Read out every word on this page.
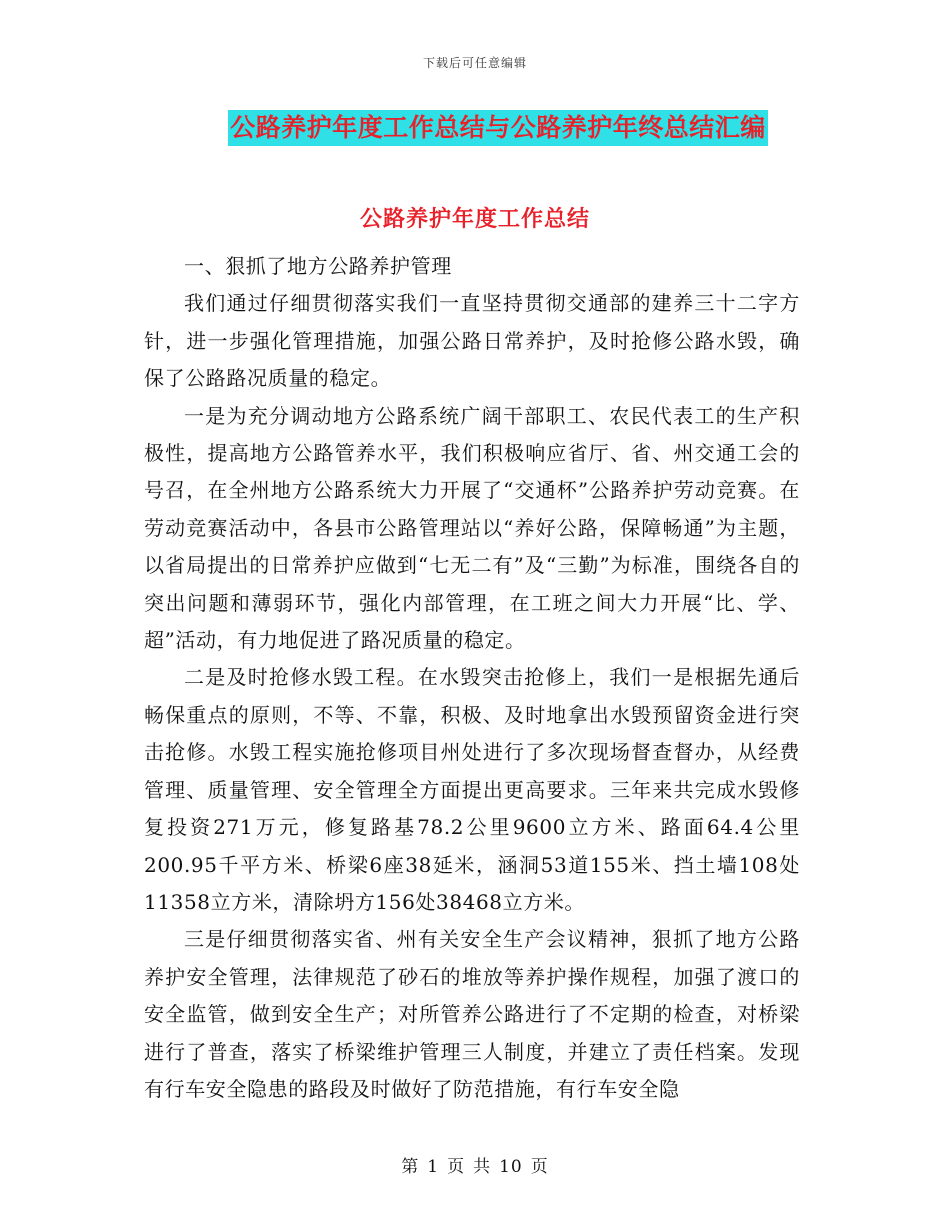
下载后可任意编辑
公路养护年度工作总结与公路养护年终总结汇编
公路养护年度工作总结

一、狠抓了地方公路养护管理

我们通过仔细贯彻落实我们一直坚持贯彻交通部的建养三十二字方针，进一步强化管理措施，加强公路日常养护，及时抢修公路水毁，确保了公路路况质量的稳定。

一是为充分调动地方公路系统广阔干部职工、农民代表工的生产积极性，提高地方公路管养水平，我们积极响应省厅、省、州交通工会的号召，在全州地方公路系统大力开展了“交通杯”公路养护劳动竞赛。在劳动竞赛活动中，各县市公路管理站以“养好公路，保障畅通”为主题，以省局提出的日常养护应做到“七无二有”及“三勤”为标准，围绕各自的突出问题和薄弱环节，强化内部管理，在工班之间大力开展“比、学、超”活动，有力地促进了路况质量的稳定。

二是及时抢修水毁工程。在水毁突击抢修上，我们一是根据先通后畅保重点的原则，不等、不靠，积极、及时地拿出水毁预留资金进行突击抢修。水毁工程实施抢修项目州处进行了多次现场督查督办，从经费管理、质量管理、安全管理全方面提出更高要求。三年来共完成水毁修复投资271万元，修复路基78.2公里9600立方米、路面64.4公里200.95千平方米、桥梁6座38延米，涵洞53道155米、挡土墙108处11358立方米，清除坍方156处38468立方米。

三是仔细贯彻落实省、州有关安全生产会议精神，狠抓了地方公路养护安全管理，法律规范了砂石的堆放等养护操作规程，加强了渡口的安全监管，做到安全生产；对所管养公路进行了不定期的检查，对桥梁进行了普查，落实了桥梁维护管理三人制度，并建立了责任档案。发现有行车安全隐患的路段及时做好了防范措施，有行车安全隐

第 1 页 共 10 页
